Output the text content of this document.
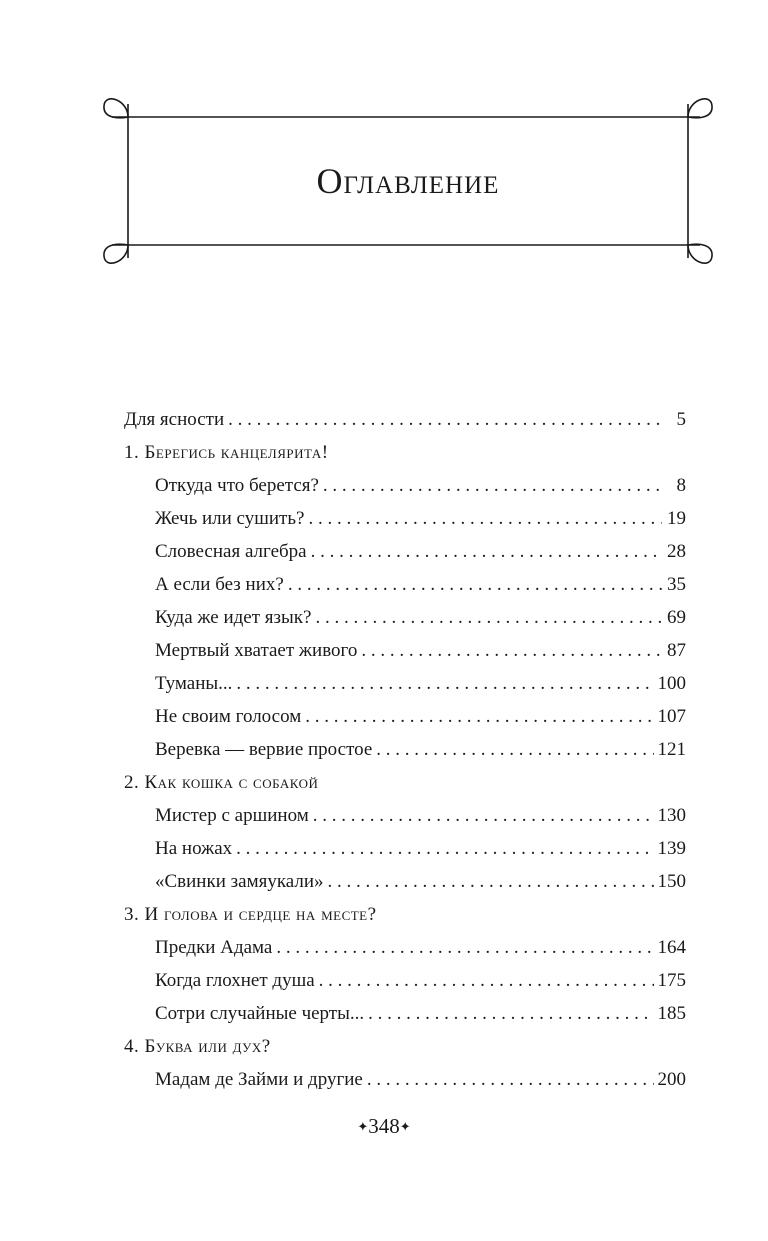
Оглавление
Для ясности . . .	5
1. Берегись канцелярита!
Откуда что берется? . . .	8
Жечь или сушить? . . .	19
Словесная алгебра . . .	28
А если без них? . . .	35
Куда же идет язык? . . .	69
Мертвый хватает живого . . .	87
Туманы... . . .	100
Не своим голосом . . .	107
Веревка — вервие простое . . .	121
2. Как кошка с собакой
Мистер с аршином . . .	130
На ножах . . .	139
«Свинки замяукали» . . .	150
3. И голова и сердце на месте?
Предки Адама . . .	164
Когда глохнет душа . . .	175
Сотри случайные черты... . . .	185
4. Буква или дух?
Мадам де Займи и другие . . .	200
✦348✦
